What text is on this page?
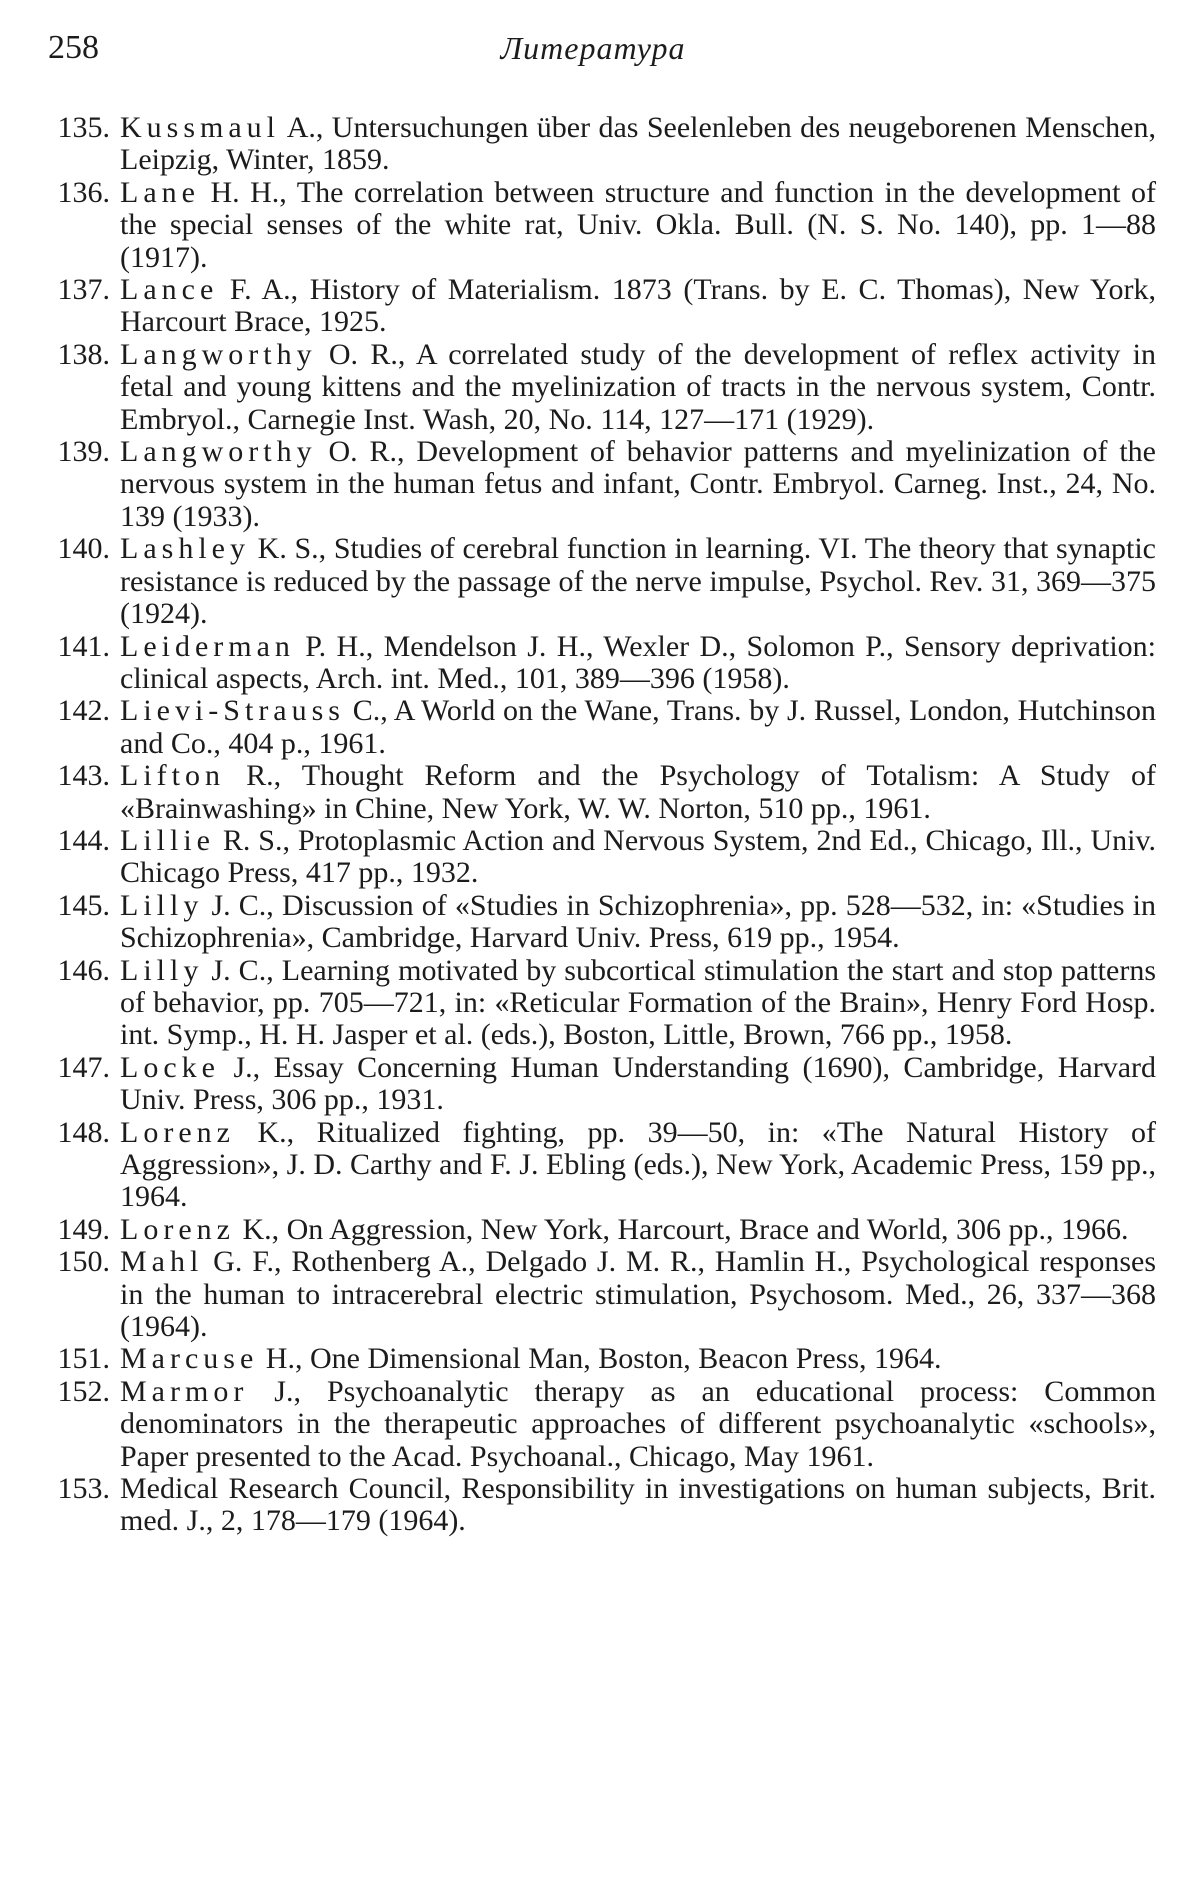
258	Литература
135. Kussmaul A., Untersuchungen über das Seelenleben des neugeborenen Menschen, Leipzig, Winter, 1859.
136. Lane H. H., The correlation between structure and function in the development of the special senses of the white rat, Univ. Okla. Bull. (N. S. No. 140), pp. 1—88 (1917).
137. Lance F. A., History of Materialism. 1873 (Trans. by E. C. Thomas), New York, Harcourt Brace, 1925.
138. Langworthy O. R., A correlated study of the development of reflex activity in fetal and young kittens and the myelinization of tracts in the nervous system, Contr. Embryol., Carnegie Inst. Wash, 20, No. 114, 127—171 (1929).
139. Langworthy O. R., Development of behavior patterns and myelinization of the nervous system in the human fetus and infant, Contr. Embryol. Carneg. Inst., 24, No. 139 (1933).
140. Lashley K. S., Studies of cerebral function in learning. VI. The theory that synaptic resistance is reduced by the passage of the nerve impulse, Psychol. Rev. 31, 369—375 (1924).
141. Leiderman P. H., Mendelson J. H., Wexler D., Solomon P., Sensory deprivation: clinical aspects, Arch. int. Med., 101, 389—396 (1958).
142. Lievi-Strauss C., A World on the Wane, Trans. by J. Russel, London, Hutchinson and Co., 404 p., 1961.
143. Lifton R., Thought Reform and the Psychology of Totalism: A Study of «Brainwashing» in Chine, New York, W. W. Norton, 510 pp., 1961.
144. Lillie R. S., Protoplasmic Action and Nervous System, 2nd Ed., Chicago, Ill., Univ. Chicago Press, 417 pp., 1932.
145. Lilly J. C., Discussion of «Studies in Schizophrenia», pp. 528—532, in: «Studies in Schizophrenia», Cambridge, Harvard Univ. Press, 619 pp., 1954.
146. Lilly J. C., Learning motivated by subcortical stimulation the start and stop patterns of behavior, pp. 705—721, in: «Reticular Formation of the Brain», Henry Ford Hosp. int. Symp., H. H. Jasper et al. (eds.), Boston, Little, Brown, 766 pp., 1958.
147. Locke J., Essay Concerning Human Understanding (1690), Cambridge, Harvard Univ. Press, 306 pp., 1931.
148. Lorenz K., Ritualized fighting, pp. 39—50, in: «The Natural History of Aggression», J. D. Carthy and F. J. Ebling (eds.), New York, Academic Press, 159 pp., 1964.
149. Lorenz K., On Aggression, New York, Harcourt, Brace and World, 306 pp., 1966.
150. Mahl G. F., Rothenberg A., Delgado J. M. R., Hamlin H., Psychological responses in the human to intracerebral electric stimulation, Psychosom. Med., 26, 337—368 (1964).
151. Marcuse H., One Dimensional Man, Boston, Beacon Press, 1964.
152. Marmor J., Psychoanalytic therapy as an educational process: Common denominators in the therapeutic approaches of different psychoanalytic «schools», Paper presented to the Acad. Psychoanal., Chicago, May 1961.
153. Medical Research Council, Responsibility in investigations on human subjects, Brit. med. J., 2, 178—179 (1964).
